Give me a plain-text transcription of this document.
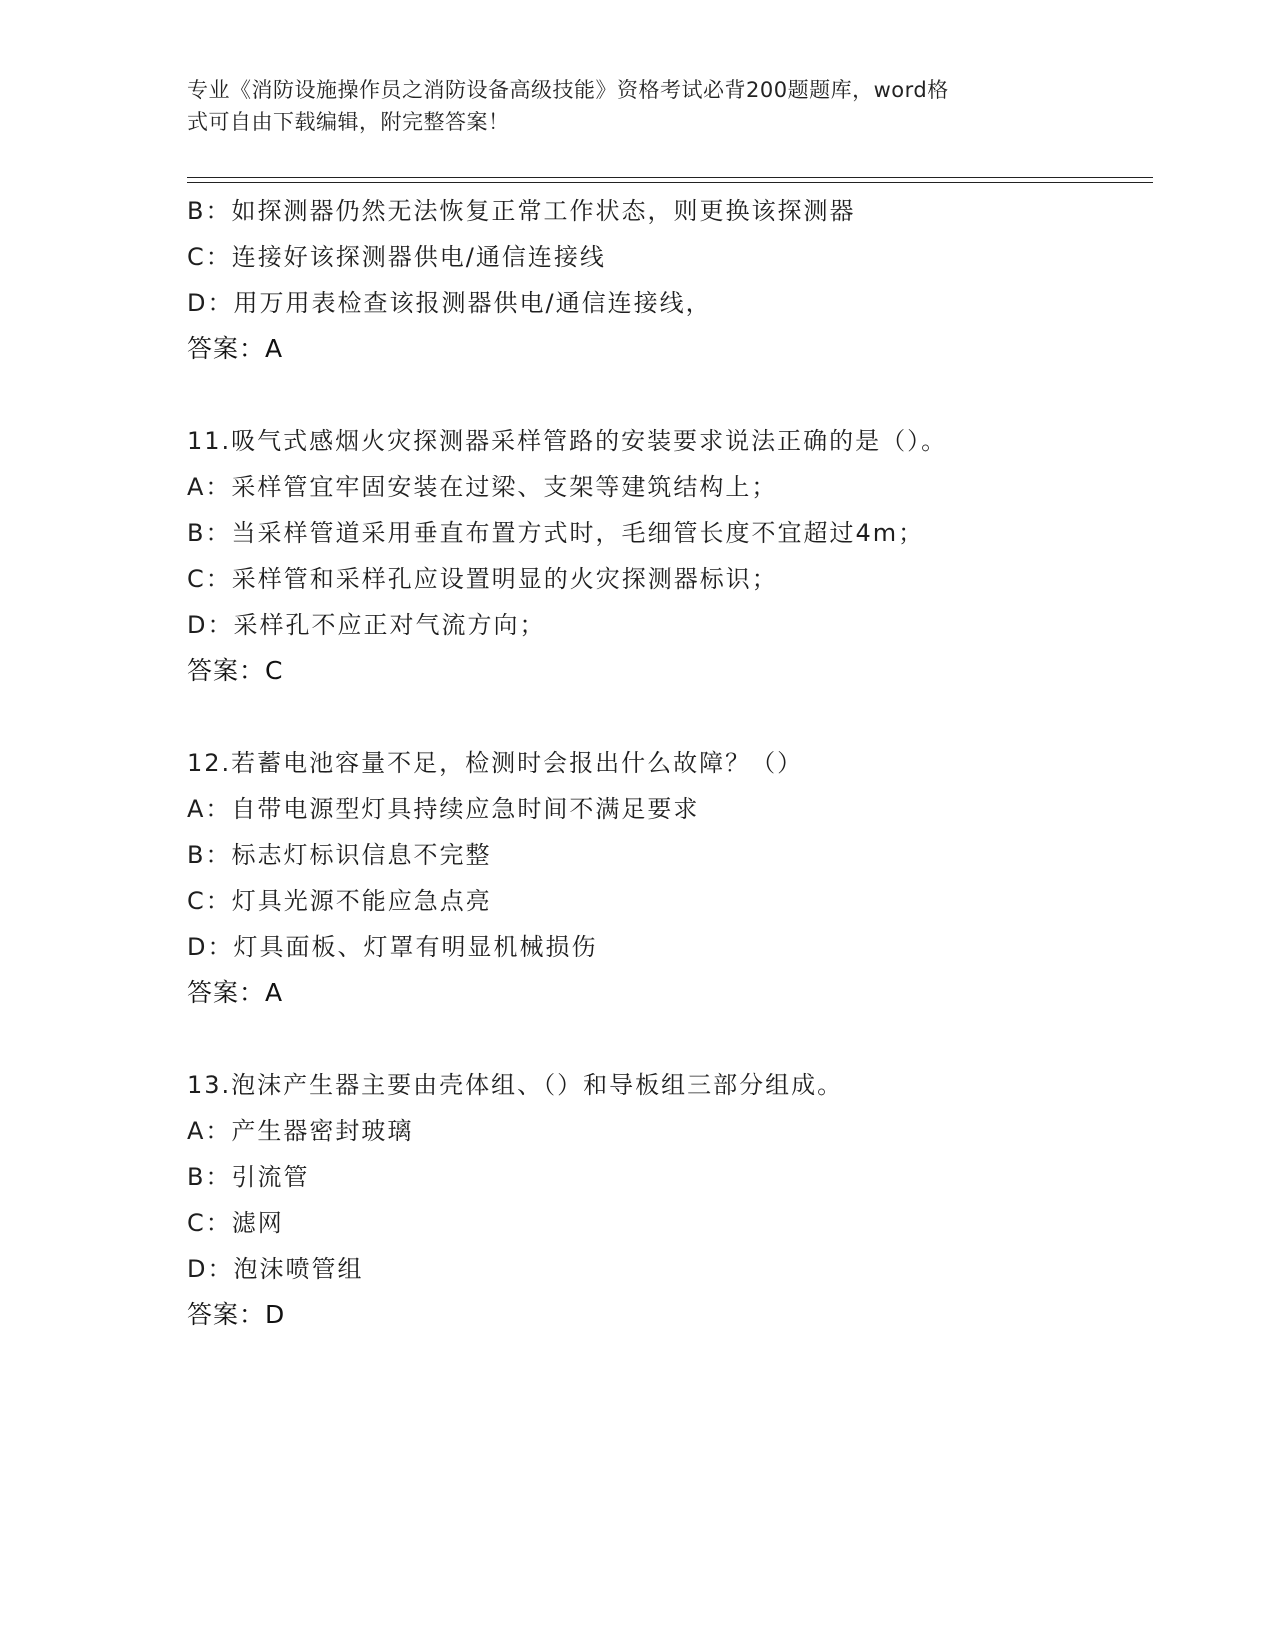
专业《消防设施操作员之消防设备高级技能》资格考试必背200题题库，word格
式可自由下载编辑，附完整答案！
B：如探测器仍然无法恢复正常工作状态，则更换该探测器
C：连接好该探测器供电/通信连接线
D：用万用表检查该报测器供电/通信连接线，
答案：A
11.吸气式感烟火灾探测器采样管路的安装要求说法正确的是（）。
A：采样管宜牢固安装在过梁、支架等建筑结构上；
B：当采样管道采用垂直布置方式时，毛细管长度不宜超过4m；
C：采样管和采样孔应设置明显的火灾探测器标识；
D：采样孔不应正对气流方向；
答案：C
12.若蓄电池容量不足，检测时会报出什么故障？（）
A：自带电源型灯具持续应急时间不满足要求
B：标志灯标识信息不完整
C：灯具光源不能应急点亮
D：灯具面板、灯罩有明显机械损伤
答案：A
13.泡沫产生器主要由壳体组、（）和导板组三部分组成。
A：产生器密封玻璃
B：引流管
C：滤网
D：泡沫喷管组
答案：D
